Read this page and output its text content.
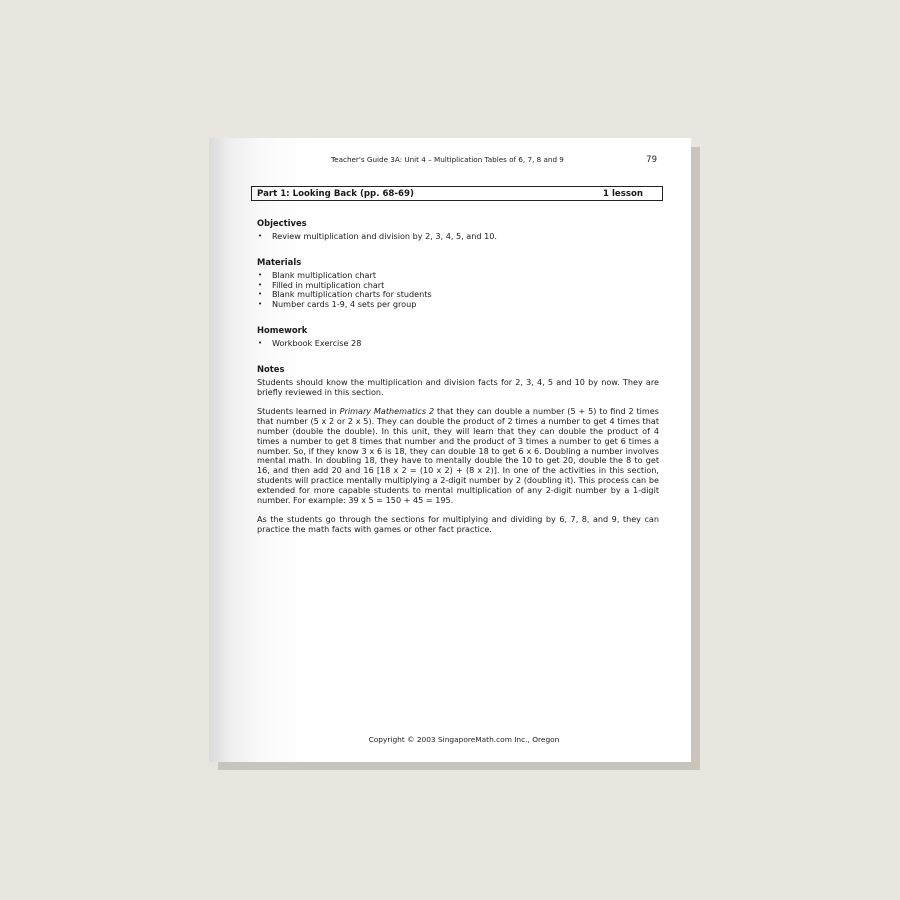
Teacher's Guide 3A: Unit 4 – Multiplication Tables of 6, 7, 8 and 9	79
Part 1: Looking Back (pp. 68-69)	1 lesson
Objectives
• Review multiplication and division by 2, 3, 4, 5, and 10.
Materials
• Blank multiplication chart
• Filled in multiplication chart
• Blank multiplication charts for students
• Number cards 1-9, 4 sets per group
Homework
• Workbook Exercise 28
Notes

Students should know the multiplication and division facts for 2, 3, 4, 5 and 10 by now. They are briefly reviewed in this section.

Students learned in Primary Mathematics 2 that they can double a number (5 + 5) to find 2 times that number (5 x 2 or 2 x 5). They can double the product of 2 times a number to get 4 times that number (double the double). In this unit, they will learn that they can double the product of 4 times a number to get 8 times that number and the product of 3 times a number to get 6 times a number. So, if they know 3 x 6 is 18, they can double 18 to get 6 x 6. Doubling a number involves mental math. In doubling 18, they have to mentally double the 10 to get 20, double the 8 to get 16, and then add 20 and 16 [18 x 2 = (10 x 2) + (8 x 2)]. In one of the activities in this section, students will practice mentally multiplying a 2-digit number by 2 (doubling it). This process can be extended for more capable students to mental multiplication of any 2-digit number by a 1-digit number. For example: 39 x 5 = 150 + 45 = 195.

As the students go through the sections for multiplying and dividing by 6, 7, 8, and 9, they can practice the math facts with games or other fact practice.

Copyright © 2003 SingaporeMath.com Inc., Oregon
